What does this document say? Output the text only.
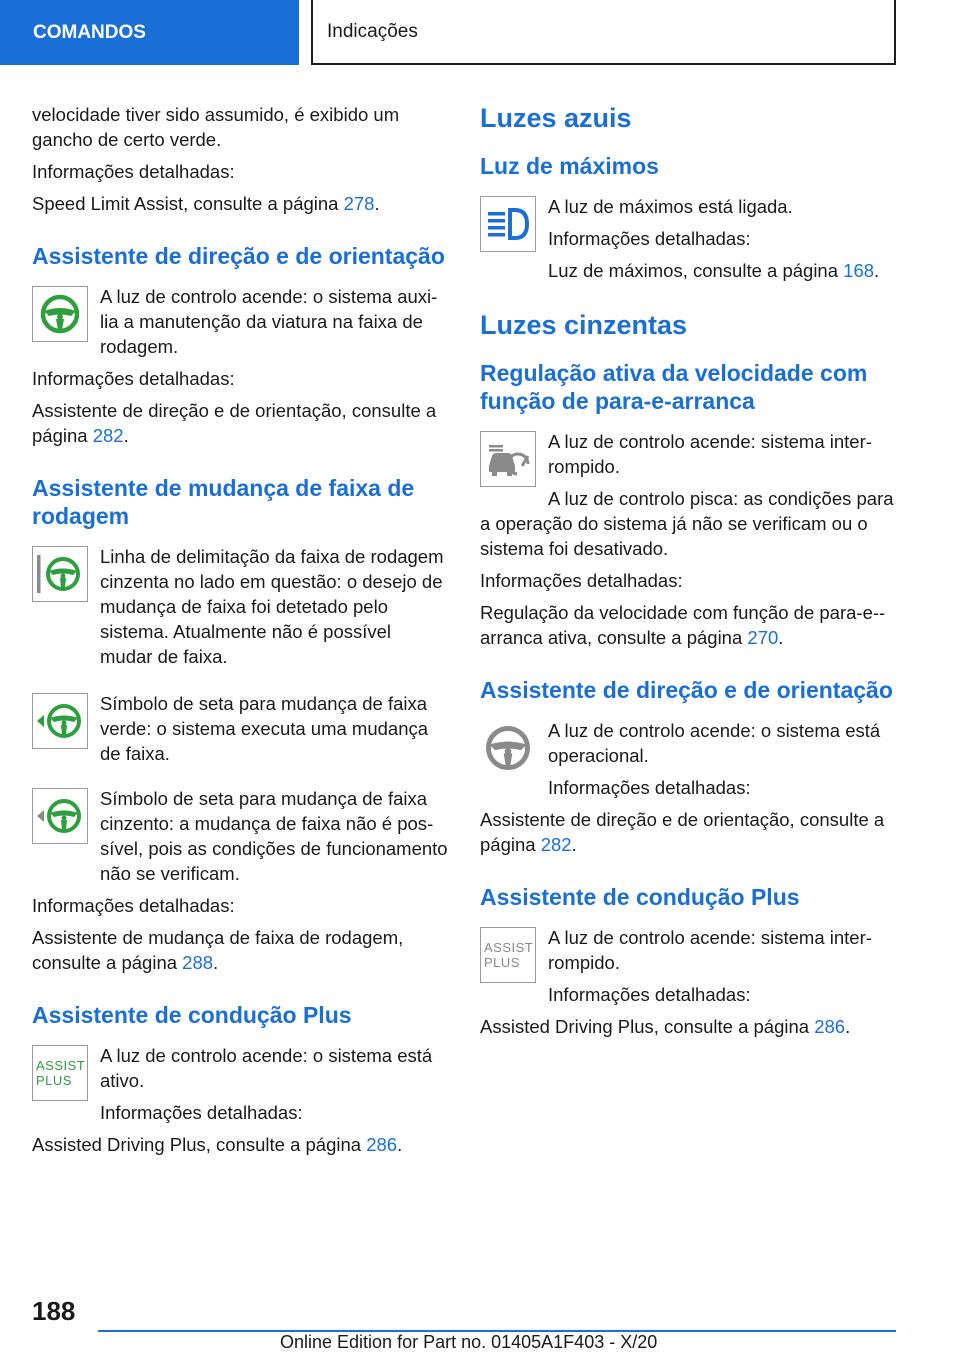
COMANDOS	Indicações

velocidade tiver sido assumido, é exibido um gancho de certo verde.

Informações detalhadas:

Speed Limit Assist, consulte a página 278.

Assistente de direção e de orientação

A luz de controlo acende: o sistema auxilia a manutenção da viatura na faixa de rodagem.

Informações detalhadas:

Assistente de direção e de orientação, consulte a página 282.

Assistente de mudança de faixa de rodagem

Linha de delimitação da faixa de rodagem cinzenta no lado em questão: o desejo de mudança de faixa foi detetado pelo sistema. Atualmente não é possível mudar de faixa.

Símbolo de seta para mudança de faixa verde: o sistema executa uma mudança de faixa.

Símbolo de seta para mudança de faixa cinzento: a mudança de faixa não é possível, pois as condições de funcionamento não se verificam.

Informações detalhadas:

Assistente de mudança de faixa de rodagem, consulte a página 288.

Assistente de condução Plus
ASSIST PLUS

A luz de controlo acende: o sistema está ativo.

Informações detalhadas:

Assisted Driving Plus, consulte a página 286.

Luzes azuis
Luz de máximos

A luz de máximos está ligada.

Informações detalhadas:

Luz de máximos, consulte a página 168.

Luzes cinzentas
Regulação ativa da velocidade com função de para-e-arranca

A luz de controlo acende: sistema interrompido.

A luz de controlo pisca: as condições para a operação do sistema já não se verificam ou o sistema foi desativado.

Informações detalhadas:

Regulação da velocidade com função de para-e--arranca ativa, consulte a página 270.

Assistente de direção e de orientação

A luz de controlo acende: o sistema está operacional.

Informações detalhadas:

Assistente de direção e de orientação, consulte a página 282.

Assistente de condução Plus
ASSIST PLUS

A luz de controlo acende: sistema interrompido.

Informações detalhadas:

Assisted Driving Plus, consulte a página 286.

188
Online Edition for Part no. 01405A1F403 - X/20
